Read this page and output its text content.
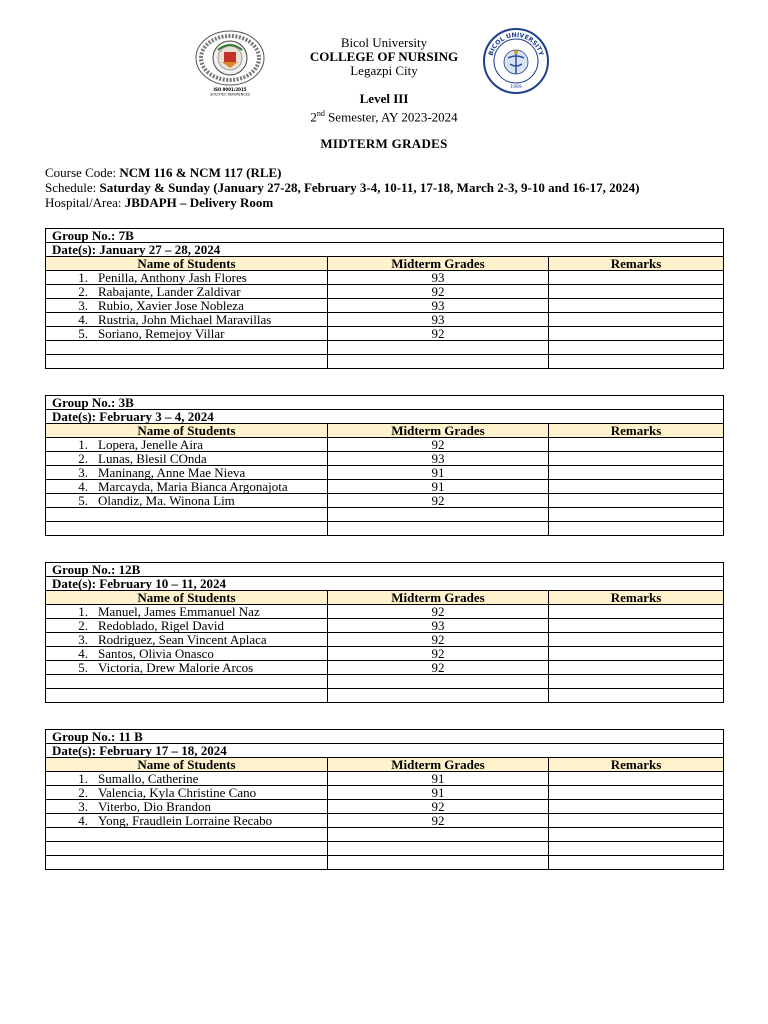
ISO 9001:2015
SOCOTEC REFERENCES
Bicol University
COLLEGE OF NURSING
Legazpi City
BICOL UNIVERSITY
1969
Level III
2nd Semester, AY 2023-2024
MIDTERM GRADES
Course Code: NCM 116 & NCM 117 (RLE)
Schedule: Saturday & Sunday (January 27-28, February 3-4, 10-11, 17-18, March 2-3, 9-10 and 16-17, 2024)
Hospital/Area: JBDAPH – Delivery Room
Group No.: 7B		
Date(s): January 27 – 28, 2024		
Name of Students	Midterm Grades	Remarks
1. Penilla, Anthony Jash Flores	93	
2. Rabajante, Lander Zaldivar	92	
3. Rubio, Xavier Jose Nobleza	93	
4. Rustria, John Michael Maravillas	93	
5. Soriano, Remejoy Villar	92	

Group No.: 3B		
Date(s): February 3 – 4, 2024		
Name of Students	Midterm Grades	Remarks
1. Lopera, Jenelle Aira	92	
2. Lunas, Blesil COnda	93	
3. Maninang, Anne Mae Nieva	91	
4. Marcayda, Maria Bianca Argonajota	91	
5. Olandiz, Ma. Winona Lim	92	

Group No.: 12B		
Date(s): February 10 – 11, 2024		
Name of Students	Midterm Grades	Remarks
1. Manuel, James Emmanuel Naz	92	
2. Redoblado, Rigel David	93	
3. Rodriguez, Sean Vincent Aplaca	92	
4. Santos, Olivia Onasco	92	
5. Victoria, Drew Malorie Arcos	92	

Group No.: 11 B		
Date(s): February 17 – 18, 2024		
Name of Students	Midterm Grades	Remarks
1. Sumallo, Catherine	91	
2. Valencia, Kyla Christine Cano	91	
3. Viterbo, Dio Brandon	92	
4. Yong, Fraudlein Lorraine Recabo	92	
